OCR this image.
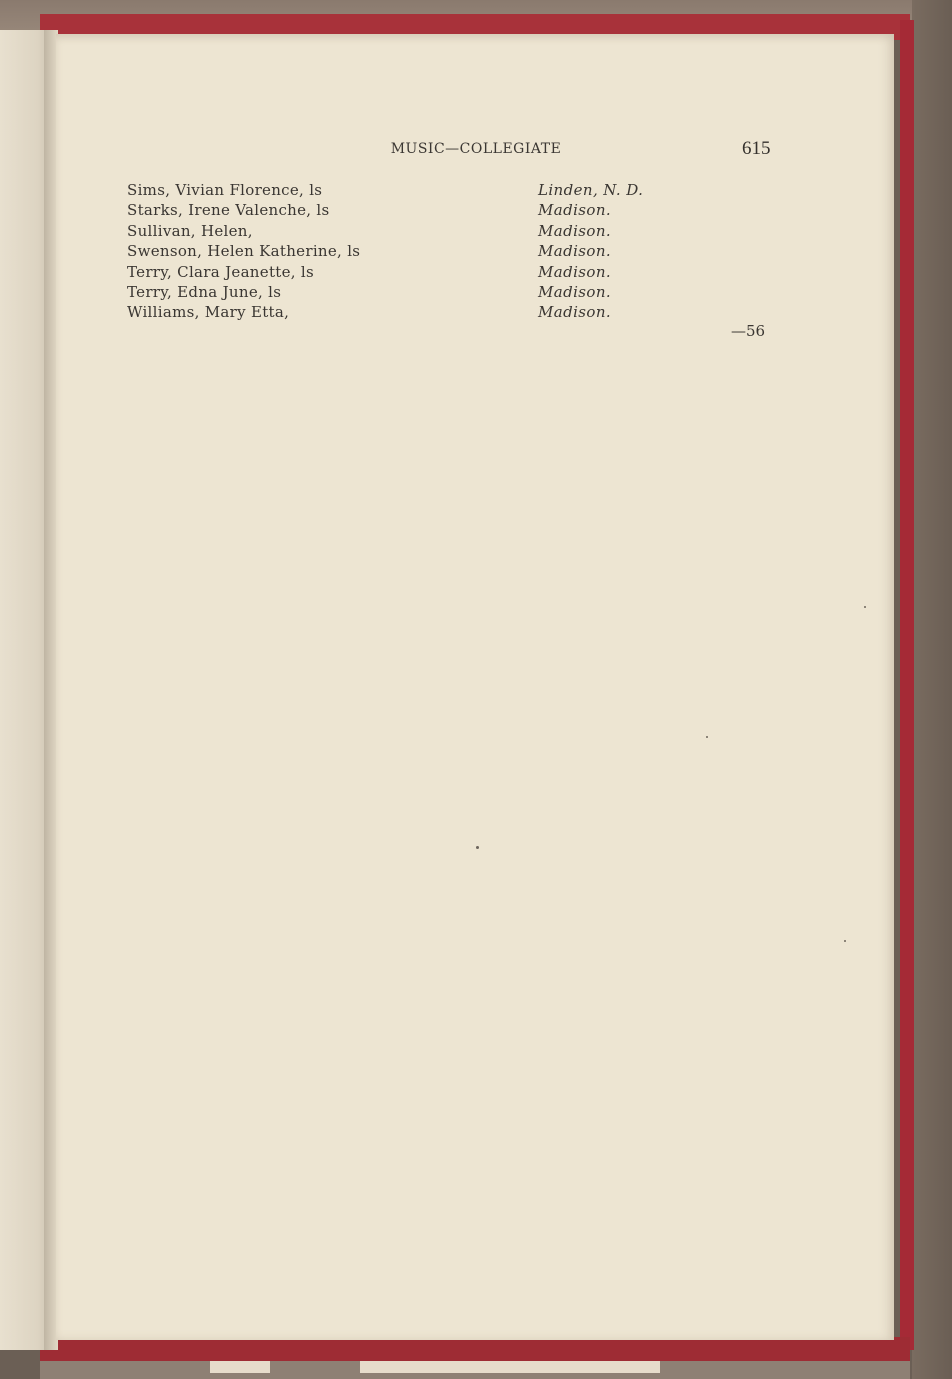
MUSIC—COLLEGIATE	615
Sims, Vivian Florence, ls	Linden, N. D.
Starks, Irene Valenche, ls	Madison.
Sullivan, Helen,	Madison.
Swenson, Helen Katherine, ls	Madison.
Terry, Clara Jeanette, ls	Madison.
Terry, Edna June, ls	Madison.
Williams, Mary Etta,	Madison.
—56
